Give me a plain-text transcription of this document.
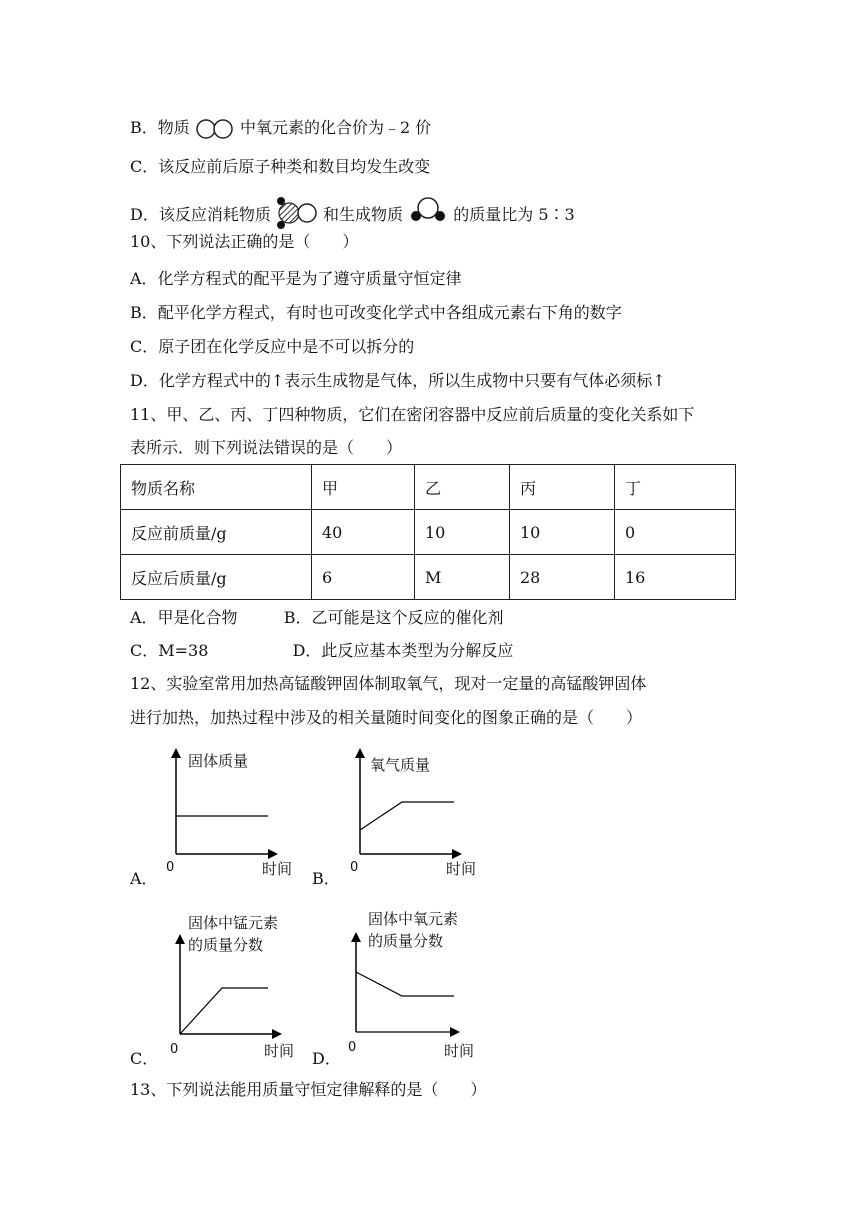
B．物质	中氧元素的化合价为﹣2 价
C．该反应前后原子种类和数目均发生改变
D．该反应消耗物质	和生成物质	的质量比为 5∶3
10、下列说法正确的是（　　）
A．化学方程式的配平是为了遵守质量守恒定律
B．配平化学方程式，有时也可改变化学式中各组成元素右下角的数字
C．原子团在化学反应中是不可以拆分的
D．化学方程式中的↑表示生成物是气体，所以生成物中只要有气体必须标↑
11、甲、乙、丙、丁四种物质，它们在密闭容器中反应前后质量的变化关系如下
表所示．则下列说法错误的是（　　）
物质名称	甲	乙	丙	丁
反应前质量/g	40	10	10	0
反应后质量/g	6	M	28	16
A．甲是化合物	B．乙可能是这个反应的催化剂
C．M=38	D．此反应基本类型为分解反应
12、实验室常用加热高锰酸钾固体制取氧气，现对一定量的高锰酸钾固体
进行加热，加热过程中涉及的相关量随时间变化的图象正确的是（　　）
A．
固体质量
0	时间 B．
氧气质量
0	时间
C．
固体中锰元素
的质量分数
0	时间 D．
固体中氧元素
的质量分数
0	时间
13、下列说法能用质量守恒定律解释的是（　　）
